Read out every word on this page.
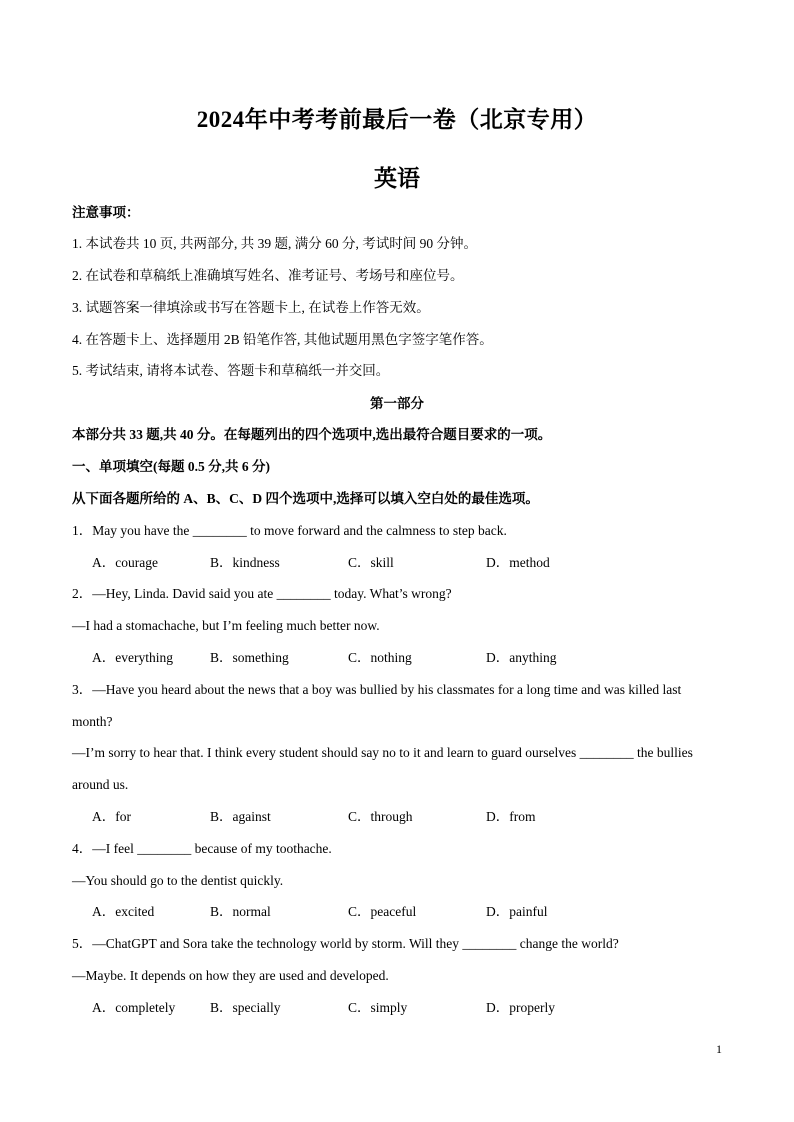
2024年中考考前最后一卷（北京专用）
英语
注意事项：
1. 本试卷共 10 页, 共两部分, 共 39 题, 满分 60 分, 考试时间 90 分钟。
2. 在试卷和草稿纸上准确填写姓名、准考证号、考场号和座位号。
3. 试题答案一律填涂或书写在答题卡上, 在试卷上作答无效。
4. 在答题卡上、选择题用 2B 铅笔作答, 其他试题用黑色字签字笔作答。
5. 考试结束, 请将本试卷、答题卡和草稿纸一并交回。
第一部分
本部分共 33 题,共 40 分。在每题列出的四个选项中,选出最符合题目要求的一项。
一、单项填空(每题 0.5 分,共 6 分)
从下面各题所给的 A、B、C、D 四个选项中,选择可以填入空白处的最佳选项。
1．May you have the ________ to move forward and the calmness to step back.
A．courage	B．kindness	C．skill	D．method
2．—Hey, Linda. David said you ate ________ today. What’s wrong?
—I had a stomachache, but I’m feeling much better now.
A．everything	B．something	C．nothing	D．anything
3．—Have you heard about the news that a boy was bullied by his classmates for a long time and was killed last
month?
—I’m sorry to hear that. I think every student should say no to it and learn to guard ourselves ________ the bullies
around us.
A．for	B．against	C．through	D．from
4．—I feel ________ because of my toothache.
—You should go to the dentist quickly.
A．excited	B．normal	C．peaceful	D．painful
5．—ChatGPT and Sora take the technology world by storm. Will they ________ change the world?
—Maybe. It depends on how they are used and developed.
A．completely	B．specially	C．simply	D．properly
1
